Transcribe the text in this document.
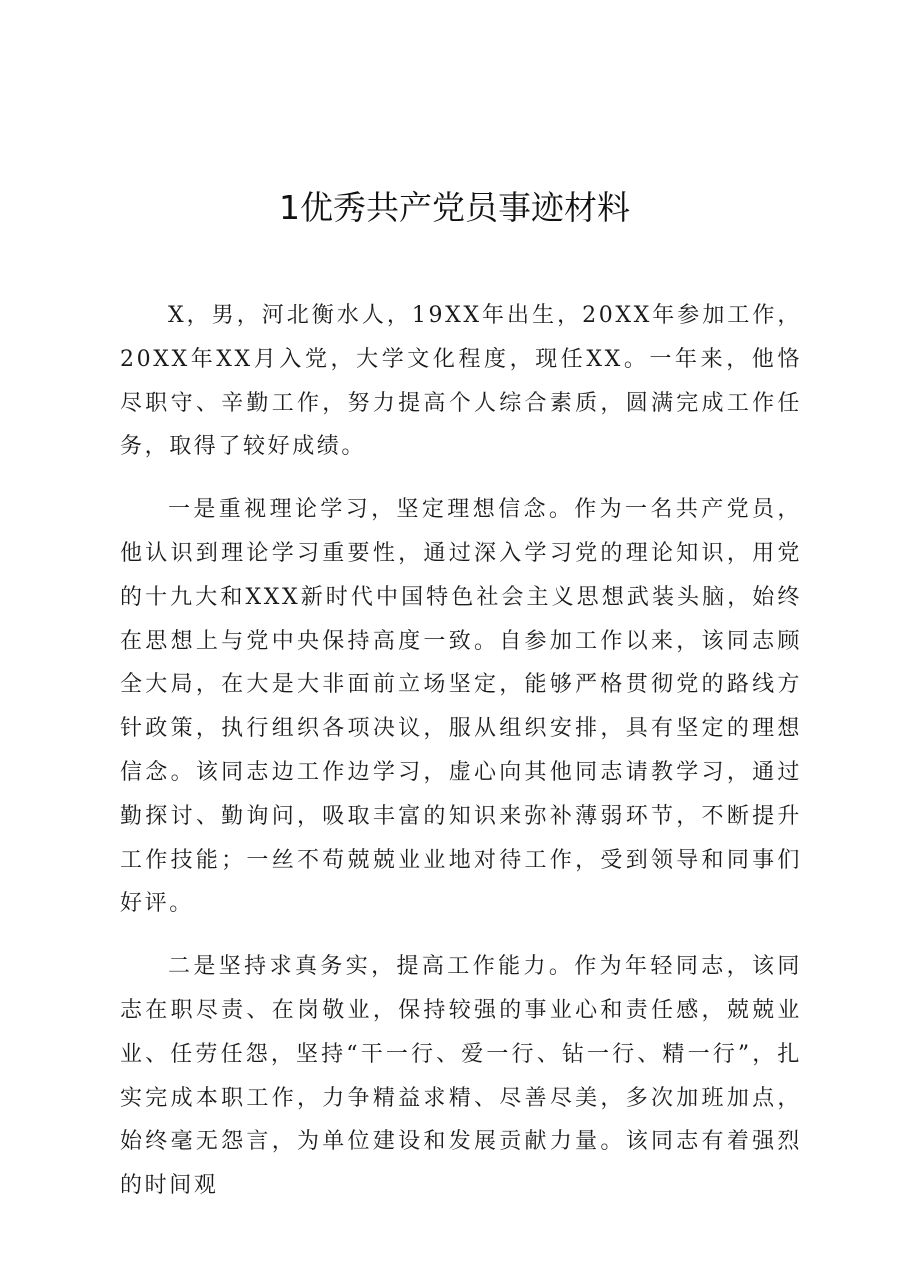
1优秀共产党员事迹材料

X，男，河北衡水人，19XX年出生，20XX年参加工作，20XX年XX月入党，大学文化程度，现任XX。一年来，他恪尽职守、辛勤工作，努力提高个人综合素质，圆满完成工作任务，取得了较好成绩。

一是重视理论学习，坚定理想信念。作为一名共产党员，他认识到理论学习重要性，通过深入学习党的理论知识，用党的十九大和XXX新时代中国特色社会主义思想武装头脑，始终在思想上与党中央保持高度一致。自参加工作以来，该同志顾全大局，在大是大非面前立场坚定，能够严格贯彻党的路线方针政策，执行组织各项决议，服从组织安排，具有坚定的理想信念。该同志边工作边学习，虚心向其他同志请教学习，通过勤探讨、勤询问，吸取丰富的知识来弥补薄弱环节，不断提升工作技能；一丝不苟兢兢业业地对待工作，受到领导和同事们好评。

二是坚持求真务实，提高工作能力。作为年轻同志，该同志在职尽责、在岗敬业，保持较强的事业心和责任感，兢兢业业、任劳任怨，坚持“干一行、爱一行、钻一行、精一行”，扎实完成本职工作，力争精益求精、尽善尽美，多次加班加点，始终毫无怨言，为单位建设和发展贡献力量。该同志有着强烈的时间观
